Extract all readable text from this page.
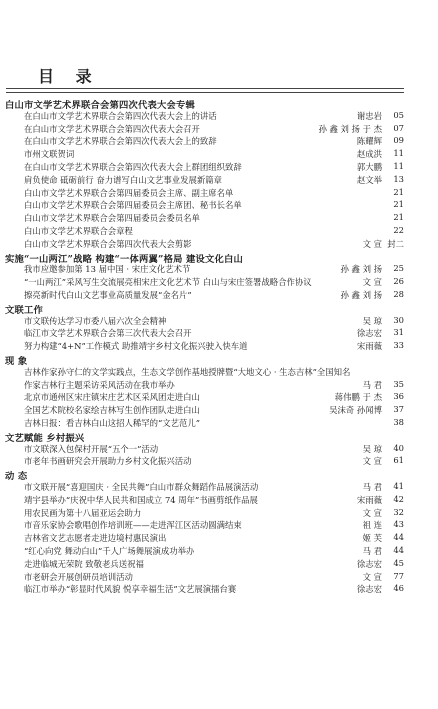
目 录
白山市文学艺术界联合会第四次代表大会专辑
在白山市文学艺术界联合会第四次代表大会上的讲话	谢忠岩	05
在白山市文学艺术界联合会第四次代表大会召开	孙 鑫 刘 扬 于 杰	07
在白山市文学艺术界联合会第四次代表大会上的致辞	陈耀辉	09
市州文联贺词	赵成洪	11
在白山市文学艺术界联合会第四次代表大会上群团组织致辞	郭大鹏	11
肩负使命 砥砺前行 奋力谱写白山文艺事业发展新篇章	赵文举	13
白山市文学艺术界联合会第四届委员会主席、副主席名单	21
白山市文学艺术界联合会第四届委员会主席团、秘书长名单	21
白山市文学艺术界联合会第四届委员会委员名单	21
白山市文学艺术界联合会章程	22
白山市文学艺术界联合会第四次代表大会剪影	文 宣 封二
实施“一山两江”战略 构建“一体两翼”格局 建设文化白山
我市应邀参加第 13 届中国 · 宋庄文化艺术节	孙 鑫 刘 扬	25
“一山两江”采风写生交流展亮相宋庄文化艺术节 白山与宋庄签署战略合作协议	文 宣	26
擦亮新时代白山文艺事业高质量发展“金名片”	孙 鑫 刘 扬	28
文联工作
市文联传达学习市委八届六次全会精神	吴 琼	30
临江市文学艺术界联合会第三次代表大会召开	徐志宏	31
努力构建“4+N”工作模式 助推靖宇乡村文化振兴驶入快车道	宋雨薇	33
现 象
吉林作家孙守仁的文学实践点，生态文学创作基地授牌暨“大地文心 · 生态吉林”全国知名
作家吉林行主题采访采风活动在我市举办	马 君	35
北京市通州区宋庄镇宋庄艺术区采风团走进白山	蒋伟鹏 于 杰	36
全国艺术院校名家绘吉林写生创作团队走进白山	吴沫奇 孙闻博	37
吉林日报：看吉林白山这招人稀罕的“文艺范儿”	38
文艺赋能 乡村振兴
市文联深入包保村开展“五个一”活动	吴 琼	40
市老年书画研究会开展助力乡村文化振兴活动	文 宣	61
动 态
市文联开展“喜迎国庆 · 全民共舞”白山市群众舞蹈作品展演活动	马 君	41
靖宇县举办“庆祝中华人民共和国成立 74 周年”书画剪纸作品展	宋雨薇	42
用农民画为第十八届亚运会助力	文 宣	32
市音乐家协会歌唱创作培训班——走进浑江区活动圆满结束	祖 连	43
吉林省文艺志愿者走进边境村惠民演出	姬 芙	44
“红心向党 舞动白山”千人广场舞展演成功举办	马 君	44
走进临城无荣院 致敬老兵送祝福	徐志宏	45
市老研会开展创研员培训活动	文 宣	77
临江市举办“彰显时代风貌 悦享幸福生活”文艺展演擂台赛	徐志宏	46
